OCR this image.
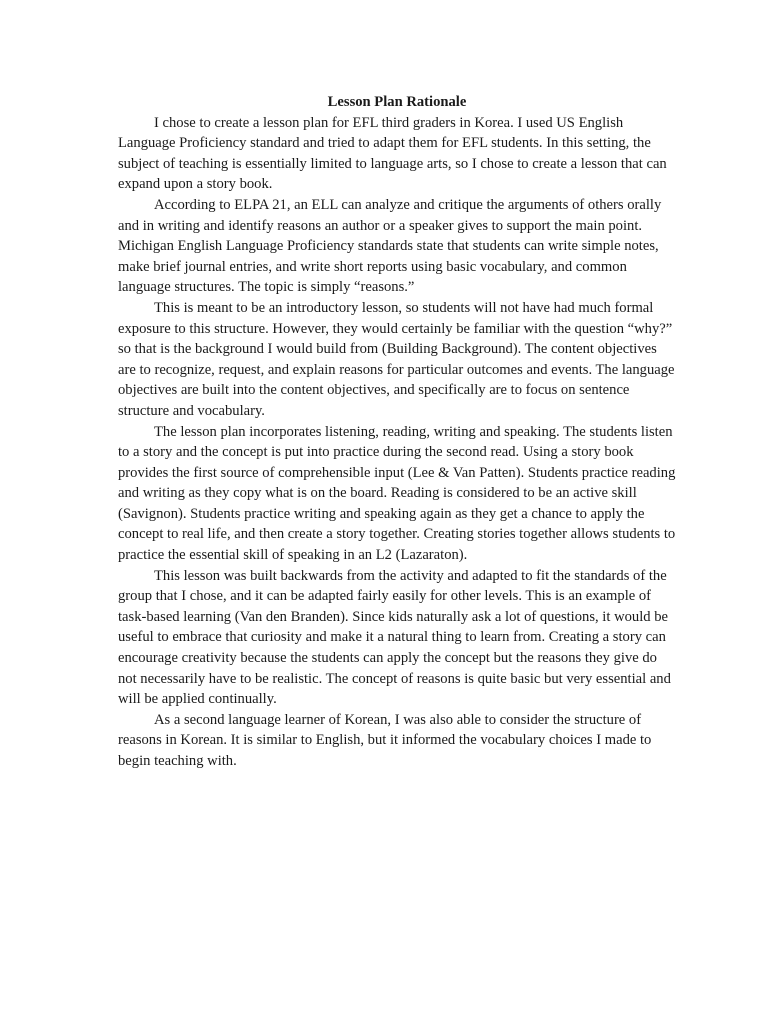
Lesson Plan Rationale

I chose to create a lesson plan for EFL third graders in Korea. I used US English Language Proficiency standard and tried to adapt them for EFL students. In this setting, the subject of teaching is essentially limited to language arts, so I chose to create a lesson that can expand upon a story book.

According to ELPA 21, an ELL can analyze and critique the arguments of others orally and in writing and identify reasons an author or a speaker gives to support the main point. Michigan English Language Proficiency standards state that students can write simple notes, make brief journal entries, and write short reports using basic vocabulary, and common language structures. The topic is simply “reasons.”

This is meant to be an introductory lesson, so students will not have had much formal exposure to this structure. However, they would certainly be familiar with the question “why?” so that is the background I would build from (Building Background). The content objectives are to recognize, request, and explain reasons for particular outcomes and events. The language objectives are built into the content objectives, and specifically are to focus on sentence structure and vocabulary.

The lesson plan incorporates listening, reading, writing and speaking. The students listen to a story and the concept is put into practice during the second read. Using a story book provides the first source of comprehensible input (Lee & Van Patten). Students practice reading and writing as they copy what is on the board. Reading is considered to be an active skill (Savignon). Students practice writing and speaking again as they get a chance to apply the concept to real life, and then create a story together. Creating stories together allows students to practice the essential skill of speaking in an L2 (Lazaraton).

This lesson was built backwards from the activity and adapted to fit the standards of the group that I chose, and it can be adapted fairly easily for other levels. This is an example of task-based learning (Van den Branden). Since kids naturally ask a lot of questions, it would be useful to embrace that curiosity and make it a natural thing to learn from. Creating a story can encourage creativity because the students can apply the concept but the reasons they give do not necessarily have to be realistic. The concept of reasons is quite basic but very essential and will be applied continually.

As a second language learner of Korean, I was also able to consider the structure of reasons in Korean. It is similar to English, but it informed the vocabulary choices I made to begin teaching with.
